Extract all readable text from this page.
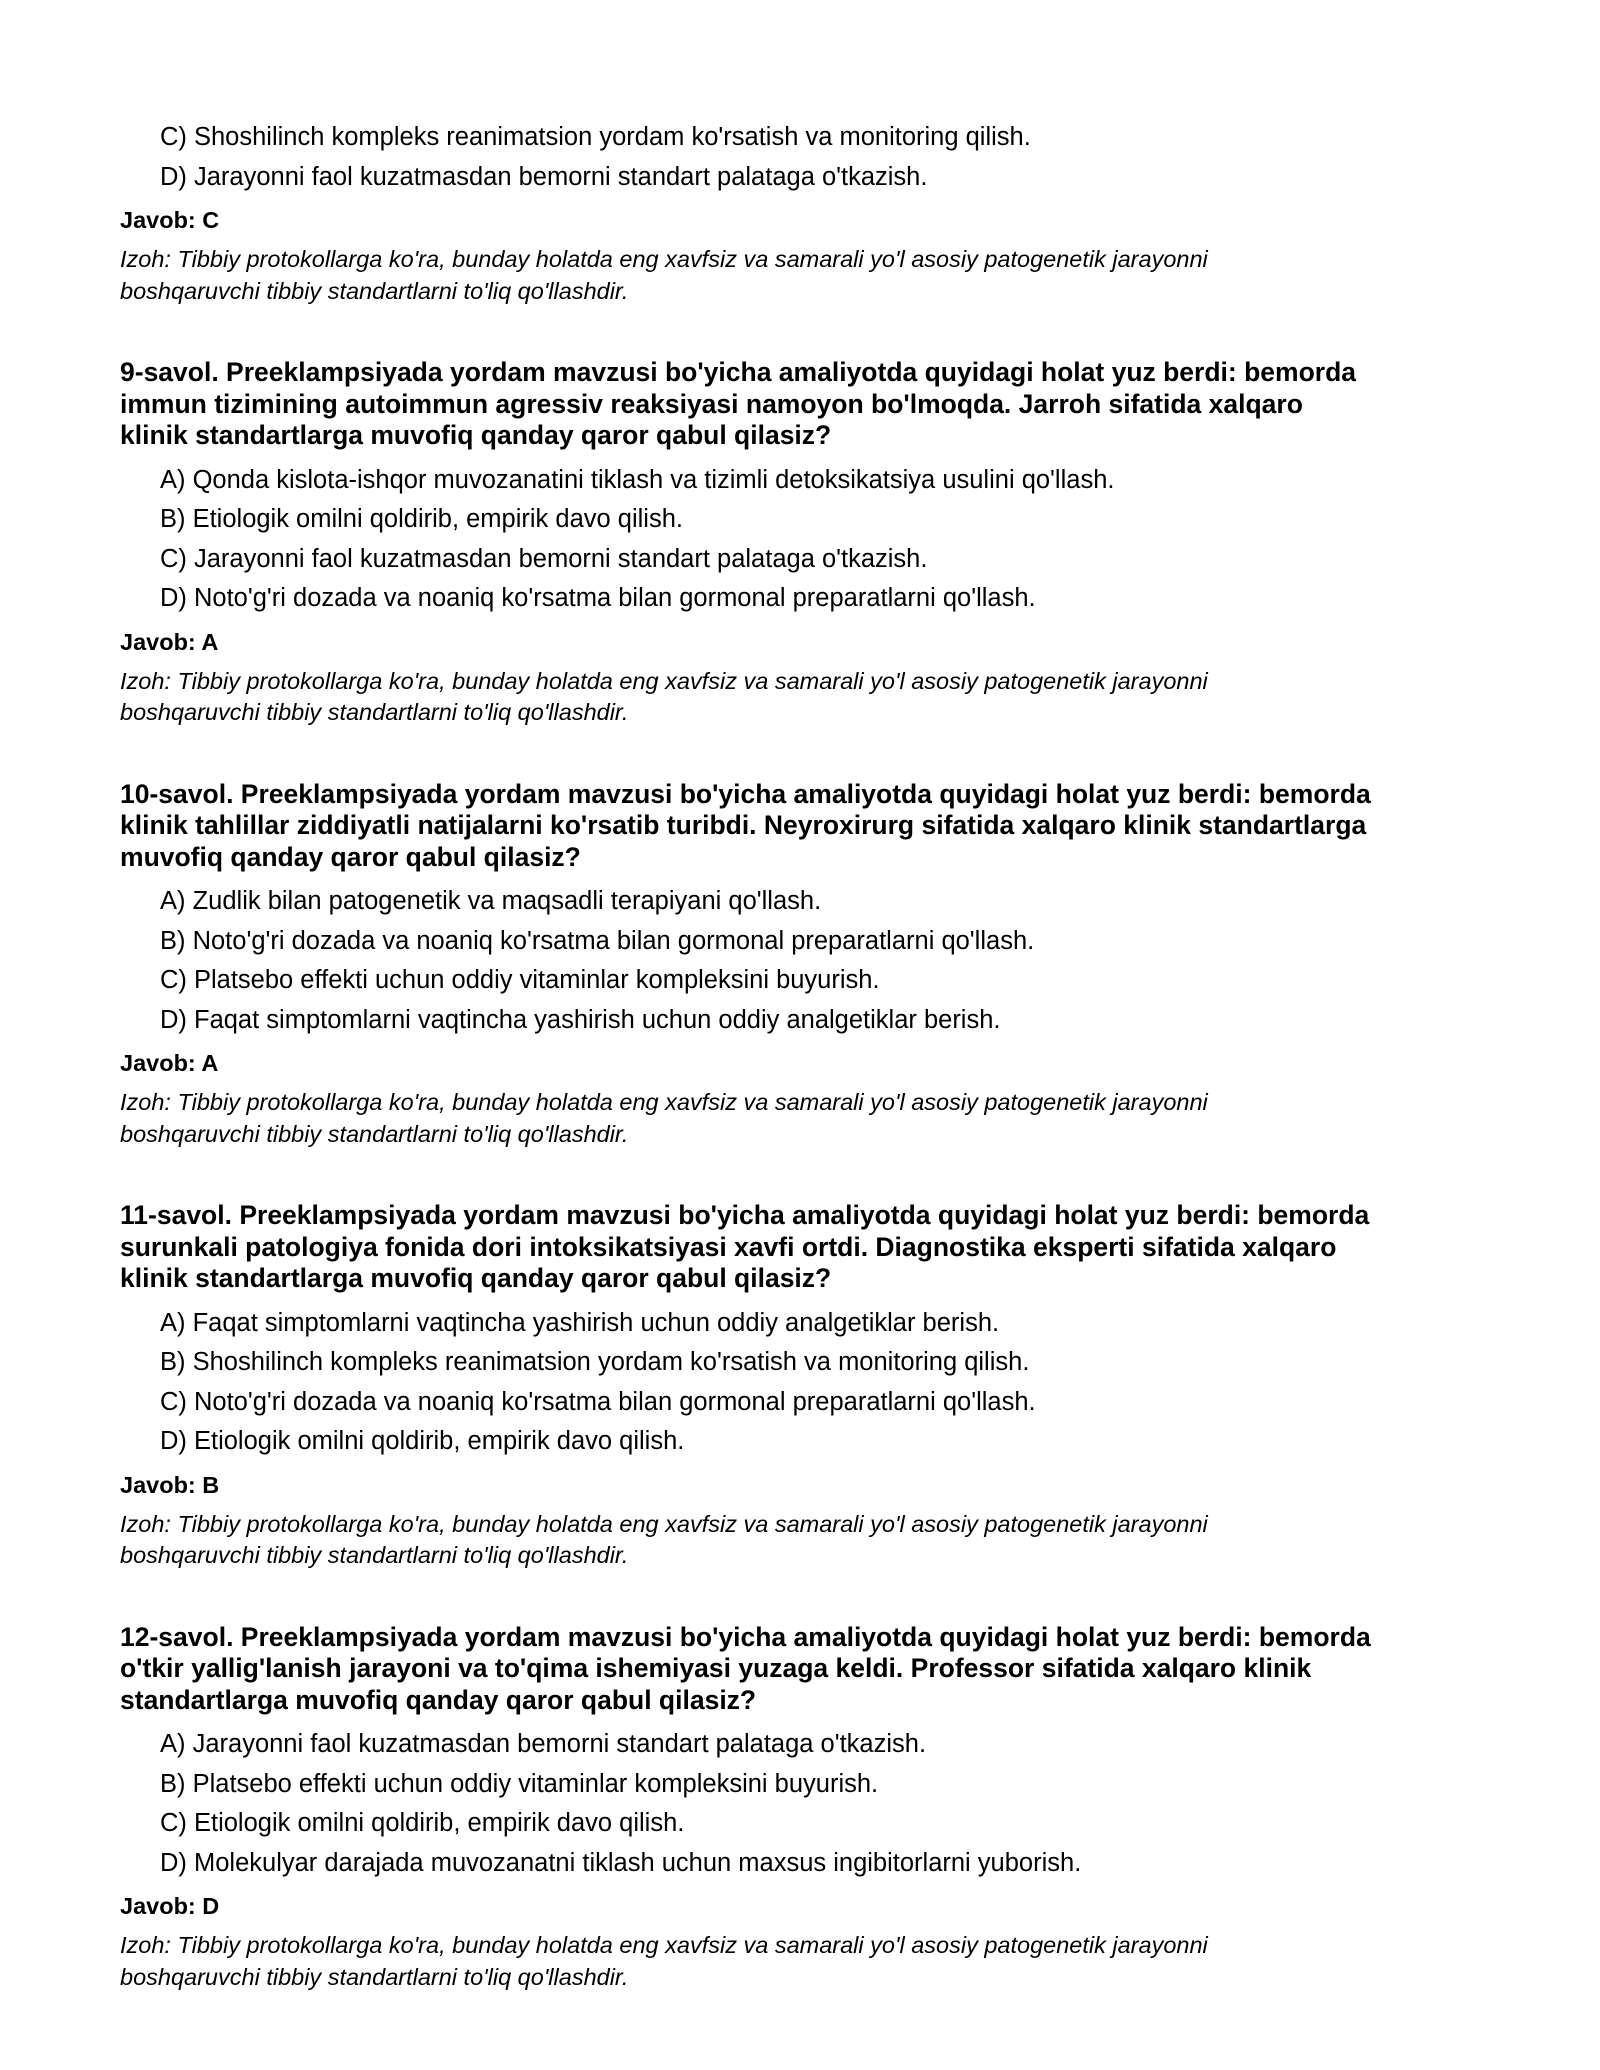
C) Shoshilinch kompleks reanimatsion yordam ko'rsatish va monitoring qilish.
D) Jarayonni faol kuzatmasdan bemorni standart palataga o'tkazish.
Javob: C
Izoh: Tibbiy protokollarga ko'ra, bunday holatda eng xavfsiz va samarali yo'l asosiy patogenetik jarayonni
boshqaruvchi tibbiy standartlarni to'liq qo'llashdir.
9-savol. Preeklampsiyada yordam mavzusi bo'yicha amaliyotda quyidagi holat yuz berdi: bemorda
immun tizimining autoimmun agressiv reaksiyasi namoyon bo'lmoqda. Jarroh sifatida xalqaro
klinik standartlarga muvofiq qanday qaror qabul qilasiz?
A) Qonda kislota-ishqor muvozanatini tiklash va tizimli detoksikatsiya usulini qo'llash.
B) Etiologik omilni qoldirib, empirik davo qilish.
C) Jarayonni faol kuzatmasdan bemorni standart palataga o'tkazish.
D) Noto'g'ri dozada va noaniq ko'rsatma bilan gormonal preparatlarni qo'llash.
Javob: A
Izoh: Tibbiy protokollarga ko'ra, bunday holatda eng xavfsiz va samarali yo'l asosiy patogenetik jarayonni
boshqaruvchi tibbiy standartlarni to'liq qo'llashdir.
10-savol. Preeklampsiyada yordam mavzusi bo'yicha amaliyotda quyidagi holat yuz berdi: bemorda
klinik tahlillar ziddiyatli natijalarni ko'rsatib turibdi. Neyroxirurg sifatida xalqaro klinik standartlarga
muvofiq qanday qaror qabul qilasiz?
A) Zudlik bilan patogenetik va maqsadli terapiyani qo'llash.
B) Noto'g'ri dozada va noaniq ko'rsatma bilan gormonal preparatlarni qo'llash.
C) Platsebo effekti uchun oddiy vitaminlar kompleksini buyurish.
D) Faqat simptomlarni vaqtincha yashirish uchun oddiy analgetiklar berish.
Javob: A
Izoh: Tibbiy protokollarga ko'ra, bunday holatda eng xavfsiz va samarali yo'l asosiy patogenetik jarayonni
boshqaruvchi tibbiy standartlarni to'liq qo'llashdir.
11-savol. Preeklampsiyada yordam mavzusi bo'yicha amaliyotda quyidagi holat yuz berdi: bemorda
surunkali patologiya fonida dori intoksikatsiyasi xavfi ortdi. Diagnostika eksperti sifatida xalqaro
klinik standartlarga muvofiq qanday qaror qabul qilasiz?
A) Faqat simptomlarni vaqtincha yashirish uchun oddiy analgetiklar berish.
B) Shoshilinch kompleks reanimatsion yordam ko'rsatish va monitoring qilish.
C) Noto'g'ri dozada va noaniq ko'rsatma bilan gormonal preparatlarni qo'llash.
D) Etiologik omilni qoldirib, empirik davo qilish.
Javob: B
Izoh: Tibbiy protokollarga ko'ra, bunday holatda eng xavfsiz va samarali yo'l asosiy patogenetik jarayonni
boshqaruvchi tibbiy standartlarni to'liq qo'llashdir.
12-savol. Preeklampsiyada yordam mavzusi bo'yicha amaliyotda quyidagi holat yuz berdi: bemorda
o'tkir yallig'lanish jarayoni va to'qima ishemiyasi yuzaga keldi. Professor sifatida xalqaro klinik
standartlarga muvofiq qanday qaror qabul qilasiz?
A) Jarayonni faol kuzatmasdan bemorni standart palataga o'tkazish.
B) Platsebo effekti uchun oddiy vitaminlar kompleksini buyurish.
C) Etiologik omilni qoldirib, empirik davo qilish.
D) Molekulyar darajada muvozanatni tiklash uchun maxsus ingibitorlarni yuborish.
Javob: D
Izoh: Tibbiy protokollarga ko'ra, bunday holatda eng xavfsiz va samarali yo'l asosiy patogenetik jarayonni
boshqaruvchi tibbiy standartlarni to'liq qo'llashdir.
